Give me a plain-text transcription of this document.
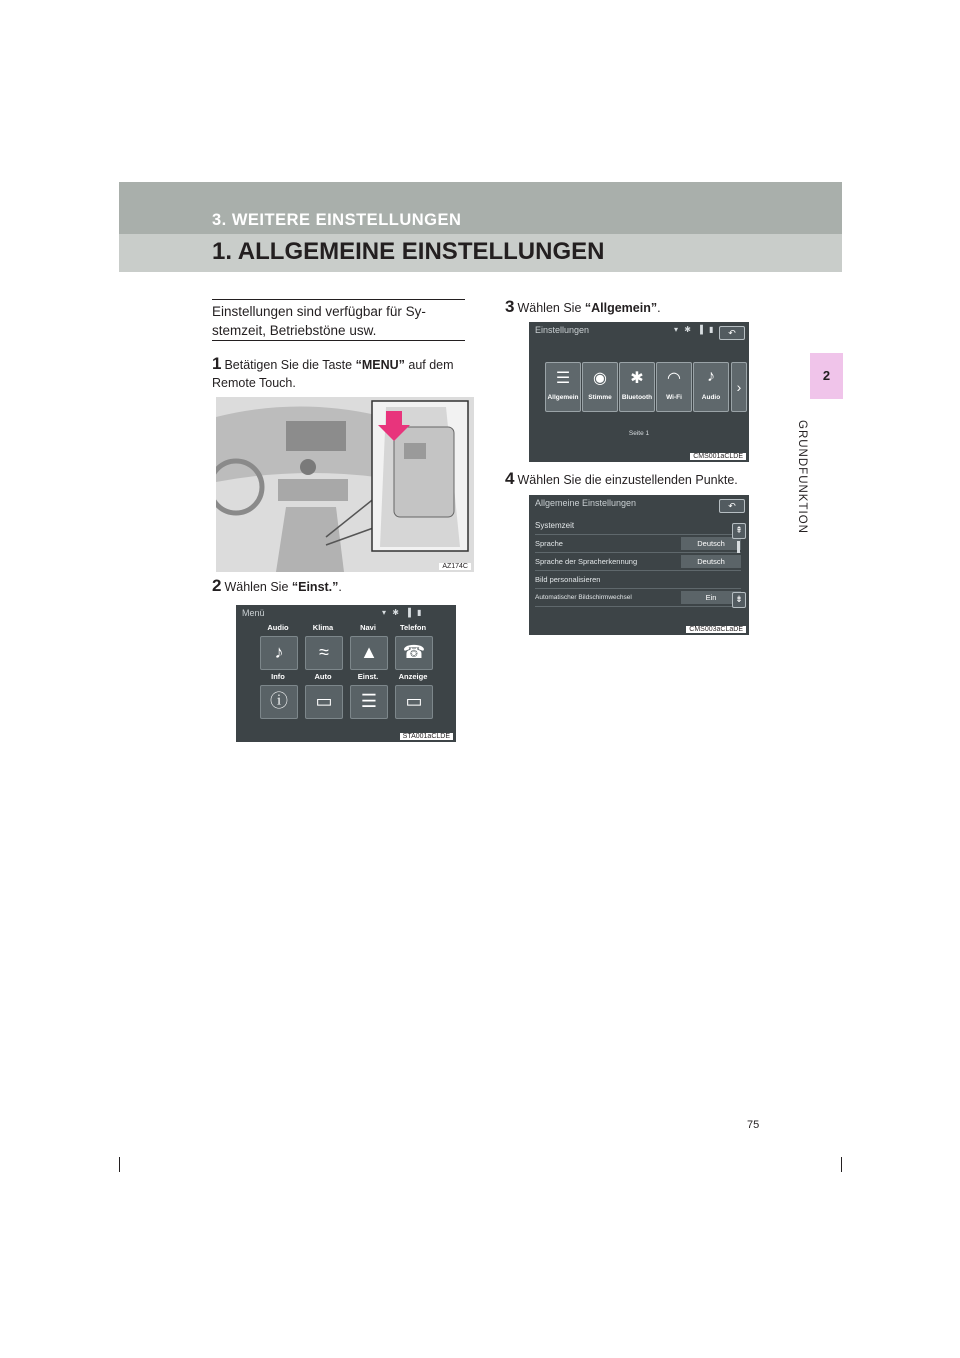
3. WEITERE EINSTELLUNGEN
1. ALLGEMEINE EINSTELLUNGEN
2
GRUNDFUNKTION
Einstellungen sind verfügbar für Sy-stemzeit, Betriebstöne usw.
1 Betätigen Sie die Taste “MENU” auf dem Remote Touch.
AZ174C
2 Wählen Sie “Einst.”.
Menü	▾ ✱ ▐ ▮
Audio	Klima	Navi	Telefon
♪	≈	▲	☎
Info	Auto	Einst.	Anzeige
ⓘ	▭	☰	▭
STA001aCLDE
3 Wählen Sie “Allgemein”.
Einstellungen	▾ ✱ ▐ ▮	↶
☰
Allgemein
◉
Stimme
✱
Bluetooth
◠
Wi-Fi
♪
Audio
›
Seite 1
CMS001aCLDE
4 Wählen Sie die einzustellenden Punkte.
Allgemeine Einstellungen	↶
Systemzeit
Sprache	Deutsch
Sprache der Spracherkennung	Deutsch
Bild personalisieren
Automatischer Bildschirmwechsel	Ein
⇞
⇟
CMS003aCLaDE
75
